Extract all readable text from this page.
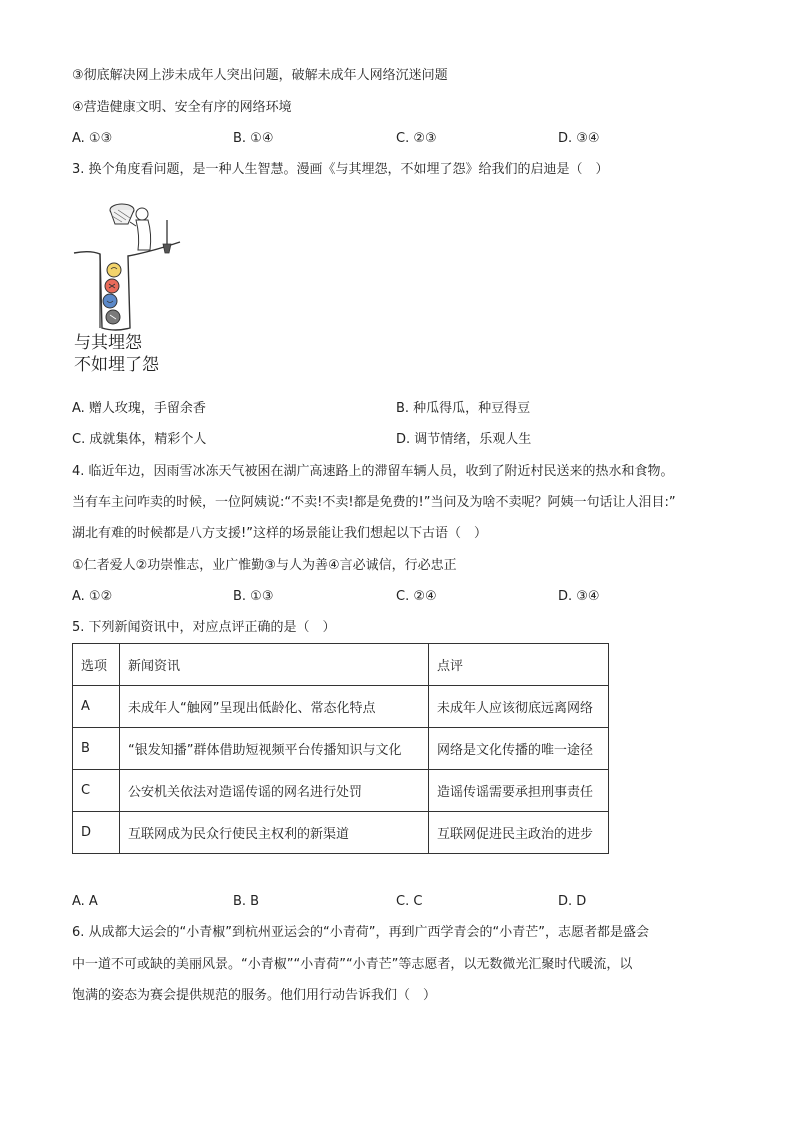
③彻底解决网上涉未成年人突出问题，破解未成年人网络沉迷问题
④营造健康文明、安全有序的网络环境
A. ①③	B. ①④	C. ②③	D. ③④
3. 换个角度看问题，是一种人生智慧。漫画《与其埋怨，不如埋了怨》给我们的启迪是（　）
与其埋怨
不如埋了怨
A. 赠人玫瑰，手留余香	B. 种瓜得瓜，种豆得豆
C. 成就集体，精彩个人	D. 调节情绪，乐观人生
4. 临近年边，因雨雪冰冻天气被困在湖广高速路上的滞留车辆人员，收到了附近村民送来的热水和食物。
当有车主问咋卖的时候，一位阿姨说:“不卖!不卖!都是免费的!”当问及为啥不卖呢？阿姨一句话让人泪目:”
湖北有难的时候都是八方支援!”这样的场景能让我们想起以下古语（　）
①仁者爱人②功崇惟志，业广惟勤③与人为善④言必诚信，行必忠正
A. ①②	B. ①③	C. ②④	D. ③④
5. 下列新闻资讯中，对应点评正确的是（　）
选项	新闻资讯	点评
A	未成年人“触网”呈现出低龄化、常态化特点	未成年人应该彻底远离网络
B	“银发知播”群体借助短视频平台传播知识与文化	网络是文化传播的唯一途径
C	公安机关依法对造谣传谣的网名进行处罚	造谣传谣需要承担刑事责任
D	互联网成为民众行使民主权利的新渠道	互联网促进民主政治的进步
A. A	B. B	C. C	D. D
6. 从成都大运会的“小青椒”到杭州亚运会的“小青荷”，再到广西学青会的“小青芒”，志愿者都是盛会
中一道不可或缺的美丽风景。“小青椒”“小青荷”“小青芒”等志愿者，以无数微光汇聚时代暖流，以
饱满的姿态为赛会提供规范的服务。他们用行动告诉我们（　）
